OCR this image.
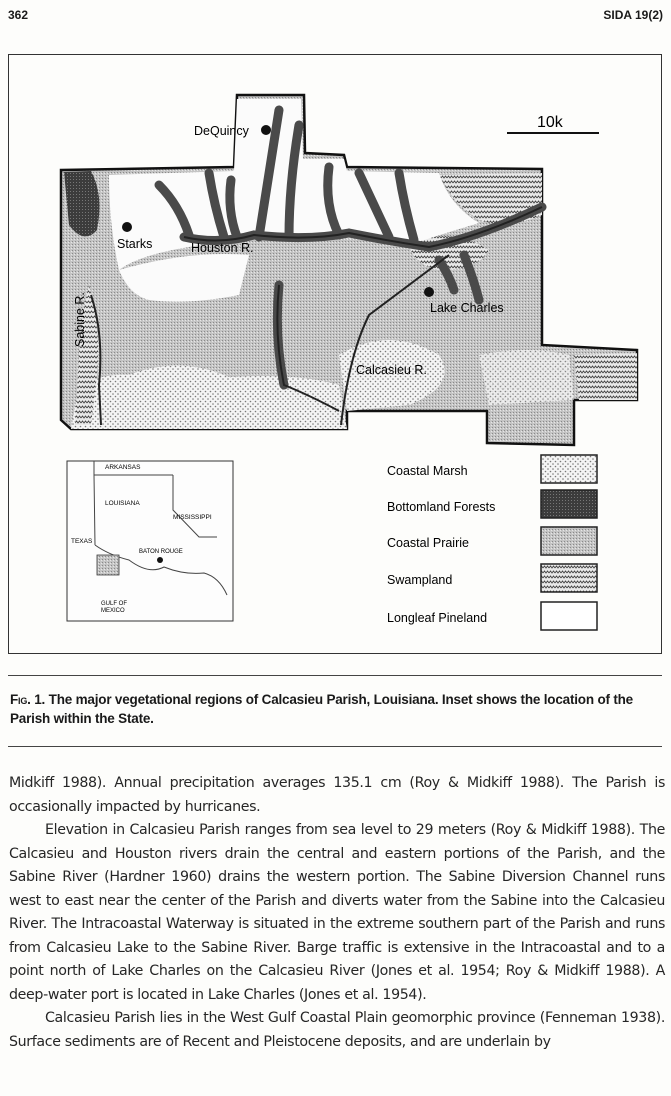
362	SIDA 19(2)
10k
DeQuincy
Starks	Houston R.
Lake Charles
Calcasieu R.
Sabine R.
ARKANSAS
LOUISIANA
MISSISSIPPI
TEXAS
BATON ROUGE
GULF OF
MEXICO
Coastal Marsh
Bottomland Forests
Coastal Prairie
Swampland
Longleaf Pineland
Fig. 1. The major vegetational regions of Calcasieu Parish, Louisiana. Inset shows the location of the Parish within the State.

Midkiff 1988). Annual precipitation averages 135.1 cm (Roy & Midkiff 1988). The Parish is occasionally impacted by hurricanes.

Elevation in Calcasieu Parish ranges from sea level to 29 meters (Roy & Midkiff 1988). The Calcasieu and Houston rivers drain the central and eastern portions of the Parish, and the Sabine River (Hardner 1960) drains the western portion. The Sabine Diversion Channel runs west to east near the center of the Parish and diverts water from the Sabine into the Calcasieu River. The Intracoastal Waterway is situated in the extreme southern part of the Parish and runs from Calcasieu Lake to the Sabine River. Barge traffic is extensive in the Intracoastal and to a point north of Lake Charles on the Calcasieu River (Jones et al. 1954; Roy & Midkiff 1988). A deep-water port is located in Lake Charles (Jones et al. 1954).

Calcasieu Parish lies in the West Gulf Coastal Plain geomorphic province (Fenneman 1938). Surface sediments are of Recent and Pleistocene deposits, and are underlain by
